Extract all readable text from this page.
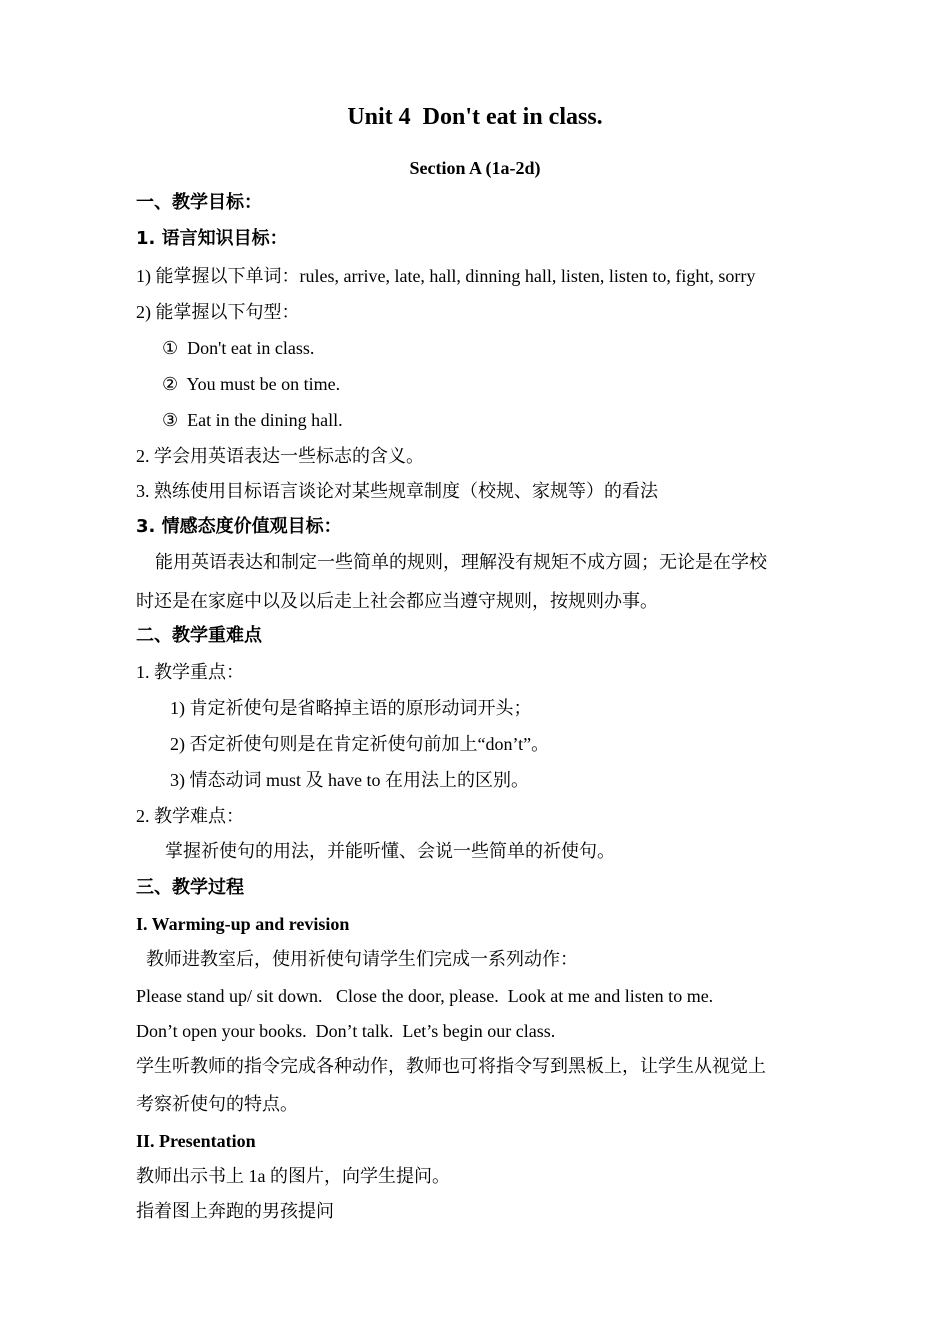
Unit 4  Don't eat in class.
Section A (1a-2d)
一、教学目标：
1. 语言知识目标：
1) 能掌握以下单词：rules, arrive, late, hall, dinning hall, listen, listen to, fight, sorry
2) 能掌握以下句型：
①  Don't eat in class.
②  You must be on time.
③  Eat in the dining hall.
2. 学会用英语表达一些标志的含义。
3. 熟练使用目标语言谈论对某些规章制度（校规、家规等）的看法
3. 情感态度价值观目标：
能用英语表达和制定一些简单的规则，理解没有规矩不成方圆；无论是在学校
时还是在家庭中以及以后走上社会都应当遵守规则，按规则办事。
二、教学重难点
1. 教学重点：
1) 肯定祈使句是省略掉主语的原形动词开头；
2) 否定祈使句则是在肯定祈使句前加上“don’t”。
3) 情态动词 must 及 have to 在用法上的区别。
2. 教学难点：
掌握祈使句的用法，并能听懂、会说一些简单的祈使句。
三、教学过程
I. Warming-up and revision
教师进教室后，使用祈使句请学生们完成一系列动作：
Please stand up/ sit down.   Close the door, please.  Look at me and listen to me.
Don’t open your books.  Don’t talk.  Let’s begin our class.
学生听教师的指令完成各种动作，教师也可将指令写到黑板上，让学生从视觉上
考察祈使句的特点。
II. Presentation
教师出示书上 1a 的图片，向学生提问。
指着图上奔跑的男孩提问
